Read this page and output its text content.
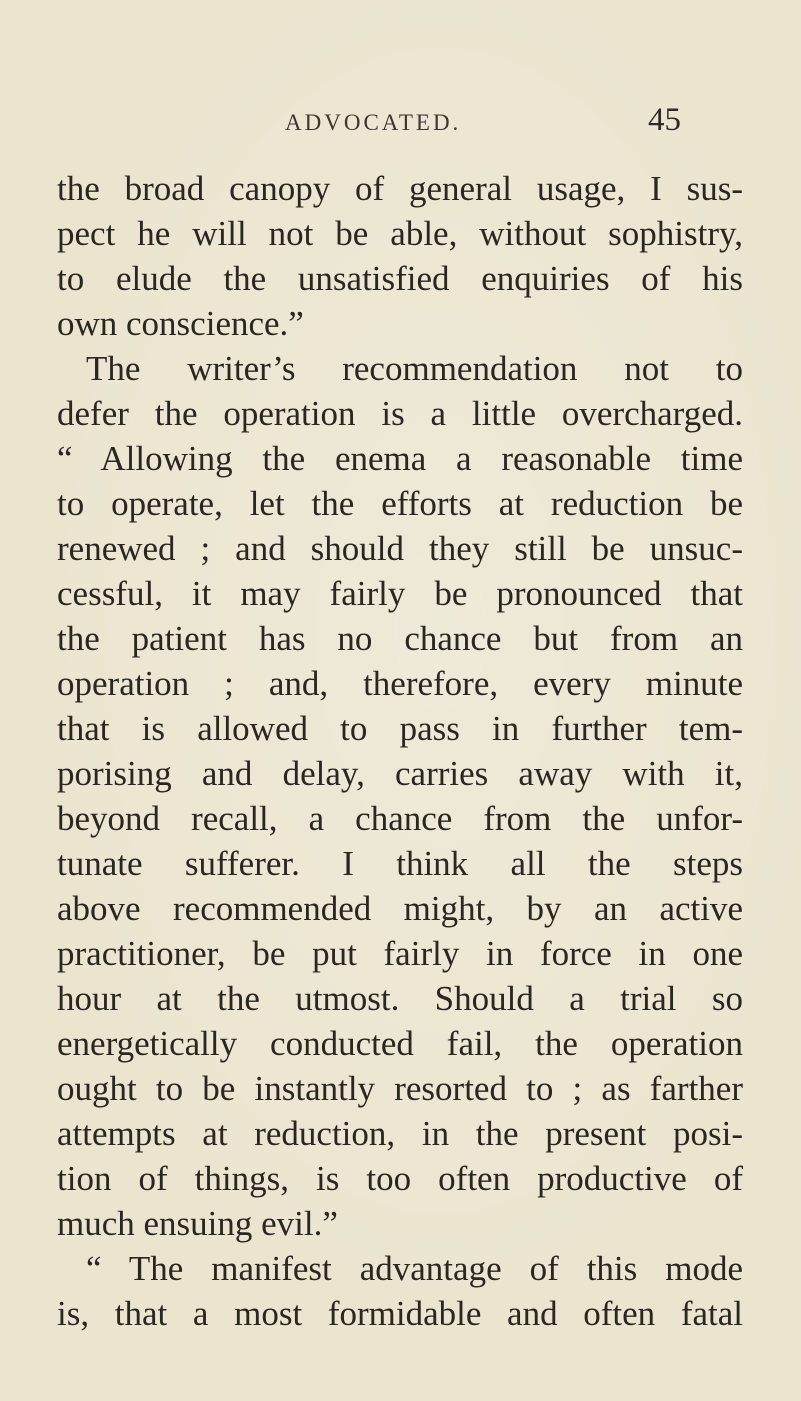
ADVOCATED.	45
the broad canopy of general usage, I sus-
pect he will not be able, without sophistry,
to elude the unsatisfied enquiries of his
own conscience.”
The writer’s recommendation not to
defer the operation is a little overcharged.
“ Allowing the enema a reasonable time
to operate, let the efforts at reduction be
renewed ; and should they still be unsuc-
cessful, it may fairly be pronounced that
the patient has no chance but from an
operation ; and, therefore, every minute
that is allowed to pass in further tem-
porising and delay, carries away with it,
beyond recall, a chance from the unfor-
tunate sufferer. I think all the steps
above recommended might, by an active
practitioner, be put fairly in force in one
hour at the utmost. Should a trial so
energetically conducted fail, the operation
ought to be instantly resorted to ; as farther
attempts at reduction, in the present posi-
tion of things, is too often productive of
much ensuing evil.”
“ The manifest advantage of this mode
is, that a most formidable and often fatal
